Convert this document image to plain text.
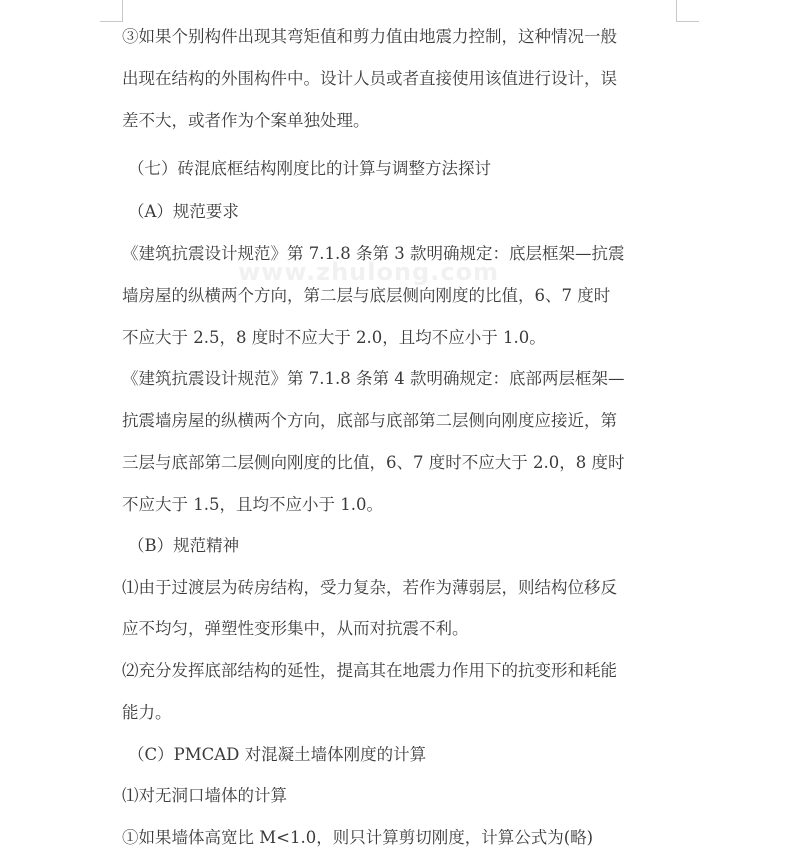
www.zhulong.com
③如果个别构件出现其弯矩值和剪力值由地震力控制，这种情况一般
出现在结构的外围构件中。设计人员或者直接使用该值进行设计，误
差不大，或者作为个案单独处理。
（七）砖混底框结构刚度比的计算与调整方法探讨
（A）规范要求
《建筑抗震设计规范》第 7.1.8 条第 3 款明确规定：底层框架—抗震
墙房屋的纵横两个方向，第二层与底层侧向刚度的比值，6、7 度时
不应大于 2.5，8 度时不应大于 2.0，且均不应小于 1.0。
《建筑抗震设计规范》第 7.1.8 条第 4 款明确规定：底部两层框架—
抗震墙房屋的纵横两个方向，底部与底部第二层侧向刚度应接近，第
三层与底部第二层侧向刚度的比值，6、7 度时不应大于 2.0，8 度时
不应大于 1.5，且均不应小于 1.0。
（B）规范精神
⑴由于过渡层为砖房结构，受力复杂，若作为薄弱层，则结构位移反
应不均匀，弹塑性变形集中，从而对抗震不利。
⑵充分发挥底部结构的延性，提高其在地震力作用下的抗变形和耗能
能力。
（C）PMCAD 对混凝土墙体刚度的计算
⑴对无洞口墙体的计算
①如果墙体高宽比 M<1.0，则只计算剪切刚度，计算公式为(略)
